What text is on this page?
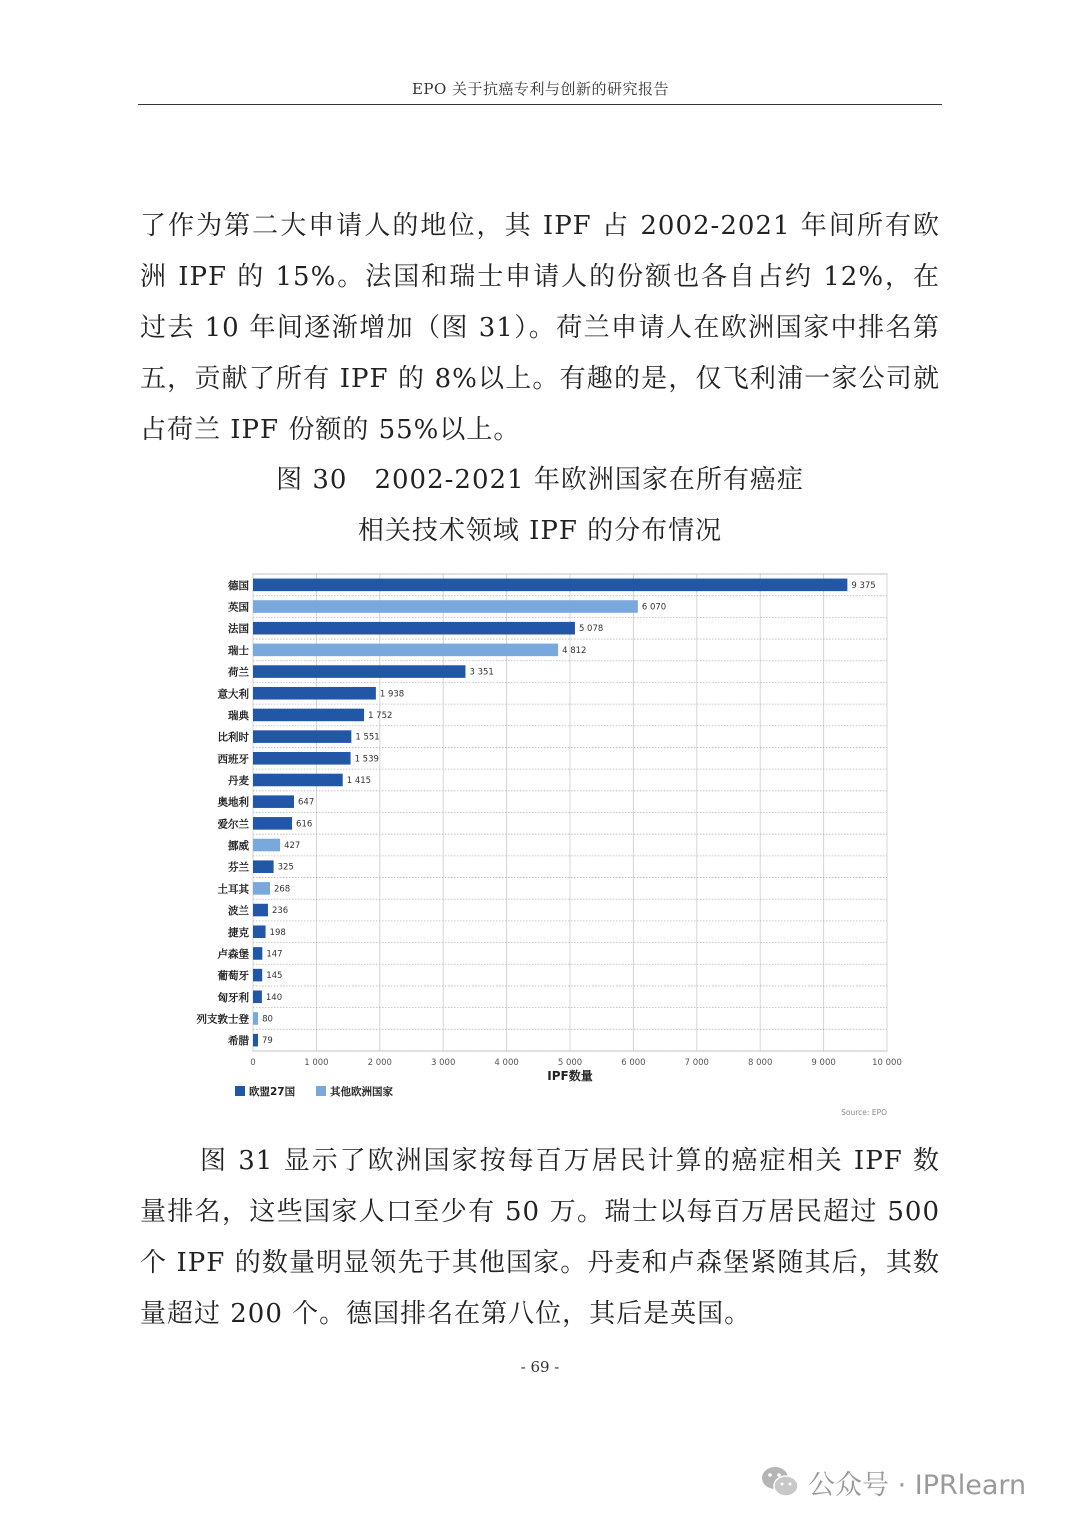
EPO 关于抗癌专利与创新的研究报告
了作为第二大申请人的地位，其 IPF 占 2002-2021 年间所有欧洲 IPF 的 15%。法国和瑞士申请人的份额也各自占约 12%，在过去 10 年间逐渐增加（图 31）。荷兰申请人在欧洲国家中排名第五，贡献了所有 IPF 的 8%以上。有趣的是，仅飞利浦一家公司就占荷兰 IPF 份额的 55%以上。
图 30　2002-2021 年欧洲国家在所有癌症
相关技术领域 IPF 的分布情况
0	1 000	2 000	3 000	4 000	5 000	6 000	7 000	8 000	9 000	10 000
9 375
德国
6 070
英国
5 078
法国
4 812
瑞士
3 351
荷兰
1 938
意大利
1 752
瑞典
1 551
比利时
1 539
西班牙
1 415
丹麦
647
奥地利
616
爱尔兰
427
挪威
325
芬兰
268
土耳其
236
波兰
198
捷克
147
卢森堡
145
葡萄牙
140
匈牙利
80
列支敦士登
79
希腊
IPF数量
欧盟27国	其他欧洲国家
Source: EPO
图 31 显示了欧洲国家按每百万居民计算的癌症相关 IPF 数量排名，这些国家人口至少有 50 万。瑞士以每百万居民超过 500 个 IPF 的数量明显领先于其他国家。丹麦和卢森堡紧随其后，其数量超过 200 个。德国排名在第八位，其后是英国。
- 69 -
公众号 · IPRlearn
